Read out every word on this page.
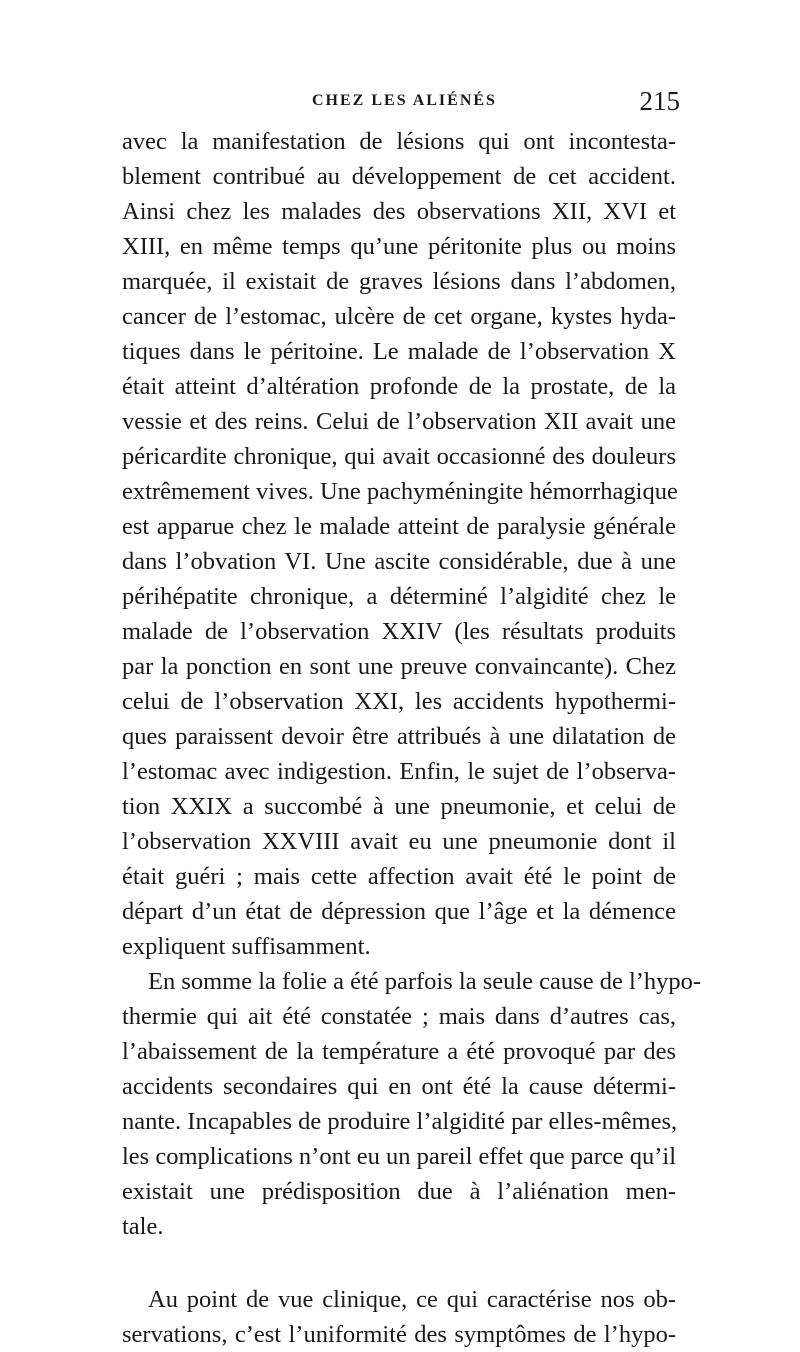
CHEZ LES ALIÉNÉS	215
avec la manifestation de lésions qui ont incontesta-
blement contribué au développement de cet accident.
Ainsi chez les malades des observations XII, XVI et
XIII, en même temps qu’une péritonite plus ou moins
marquée, il existait de graves lésions dans l’abdomen,
cancer de l’estomac, ulcère de cet organe, kystes hyda-
tiques dans le péritoine. Le malade de l’observation X
était atteint d’altération profonde de la prostate, de la
vessie et des reins. Celui de l’observation XII avait une
péricardite chronique, qui avait occasionné des douleurs
extrêmement vives. Une pachyméningite hémorrhagique
est apparue chez le malade atteint de paralysie générale
dans l’obvation VI. Une ascite considérable, due à une
périhépatite chronique, a déterminé l’algidité chez le
malade de l’observation XXIV (les résultats produits
par la ponction en sont une preuve convaincante). Chez
celui de l’observation XXI, les accidents hypothermi-
ques paraissent devoir être attribués à une dilatation de
l’estomac avec indigestion. Enfin, le sujet de l’observa-
tion XXIX a succombé à une pneumonie, et celui de
l’observation XXVIII avait eu une pneumonie dont il
était guéri ; mais cette affection avait été le point de
départ d’un état de dépression que l’âge et la démence
expliquent suffisamment.
En somme la folie a été parfois la seule cause de l’hypo-
thermie qui ait été constatée ; mais dans d’autres cas,
l’abaissement de la température a été provoqué par des
accidents secondaires qui en ont été la cause détermi-
nante. Incapables de produire l’algidité par elles-mêmes,
les complications n’ont eu un pareil effet que parce qu’il
existait une prédisposition due à l’aliénation men-
tale.
Au point de vue clinique, ce qui caractérise nos ob-
servations, c’est l’uniformité des symptômes de l’hypo-
